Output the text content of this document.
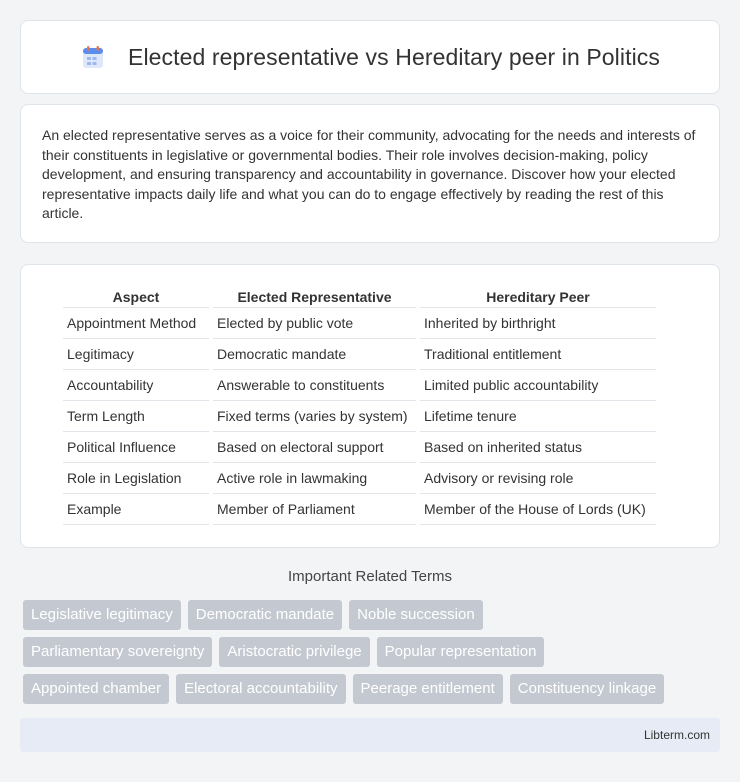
Elected representative vs Hereditary peer in Politics

An elected representative serves as a voice for their community, advocating for the needs and interests of their constituents in legislative or governmental bodies. Their role involves decision-making, policy development, and ensuring transparency and accountability in governance. Discover how your elected representative impacts daily life and what you can do to engage effectively by reading the rest of this article.

Aspect	Elected Representative	Hereditary Peer
Appointment Method	Elected by public vote	Inherited by birthright
Legitimacy	Democratic mandate	Traditional entitlement
Accountability	Answerable to constituents	Limited public accountability
Term Length	Fixed terms (varies by system)	Lifetime tenure
Political Influence	Based on electoral support	Based on inherited status
Role in Legislation	Active role in lawmaking	Advisory or revising role
Example	Member of Parliament	Member of the House of Lords (UK)
Important Related Terms
Legislative legitimacy	Democratic mandate	Noble succession
Parliamentary sovereignty	Aristocratic privilege	Popular representation
Appointed chamber	Electoral accountability	Peerage entitlement	Constituency linkage
Libterm.com
